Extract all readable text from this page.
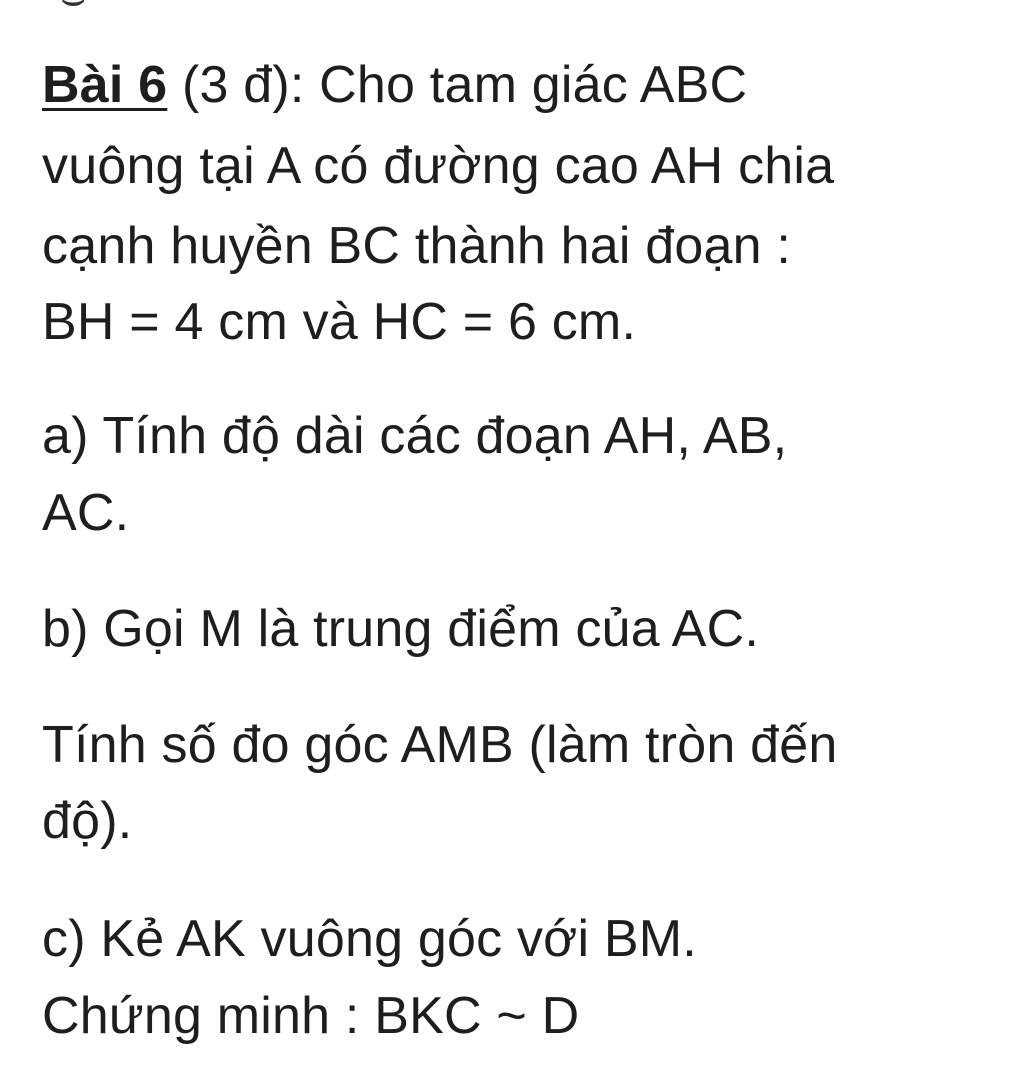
Bài 6 (3 đ): Cho tam giác ABC
vuông tại A có đường cao AH chia
cạnh huyền BC thành hai đoạn :
BH = 4 cm và HC = 6 cm.
a) Tính độ dài các đoạn AH, AB,
AC.
b) Gọi M là trung điểm của AC.
Tính số đo góc AMB (làm tròn đến
độ).
c) Kẻ AK vuông góc với BM.
Chứng minh : BKC ~ D
